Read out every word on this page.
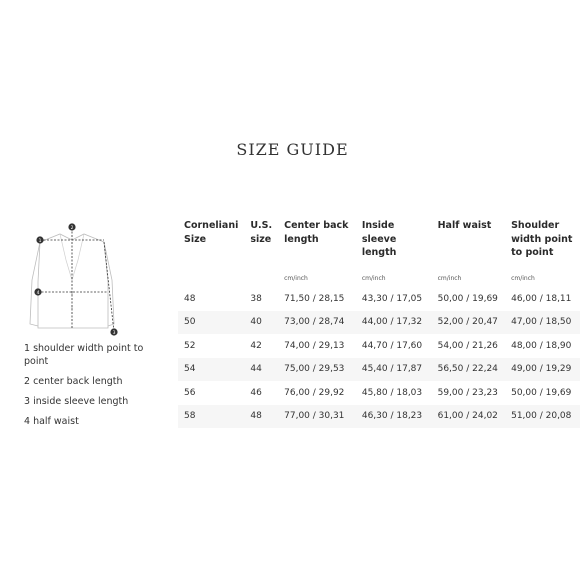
SIZE GUIDE
1
2
4
3
1 shoulder width point to point
2 center back length
3 inside sleeve length
4 half waist
Corneliani Size	U.S. size	Center back length	Inside sleeve length	Half waist	Shoulder width point to point
		cm/inch	cm/inch	cm/inch	cm/inch
48	38	71,50 / 28,15	43,30 / 17,05	50,00 / 19,69	46,00 / 18,11
50	40	73,00 / 28,74	44,00 / 17,32	52,00 / 20,47	47,00 / 18,50
52	42	74,00 / 29,13	44,70 / 17,60	54,00 / 21,26	48,00 / 18,90
54	44	75,00 / 29,53	45,40 / 17,87	56,50 / 22,24	49,00 / 19,29
56	46	76,00 / 29,92	45,80 / 18,03	59,00 / 23,23	50,00 / 19,69
58	48	77,00 / 30,31	46,30 / 18,23	61,00 / 24,02	51,00 / 20,08
